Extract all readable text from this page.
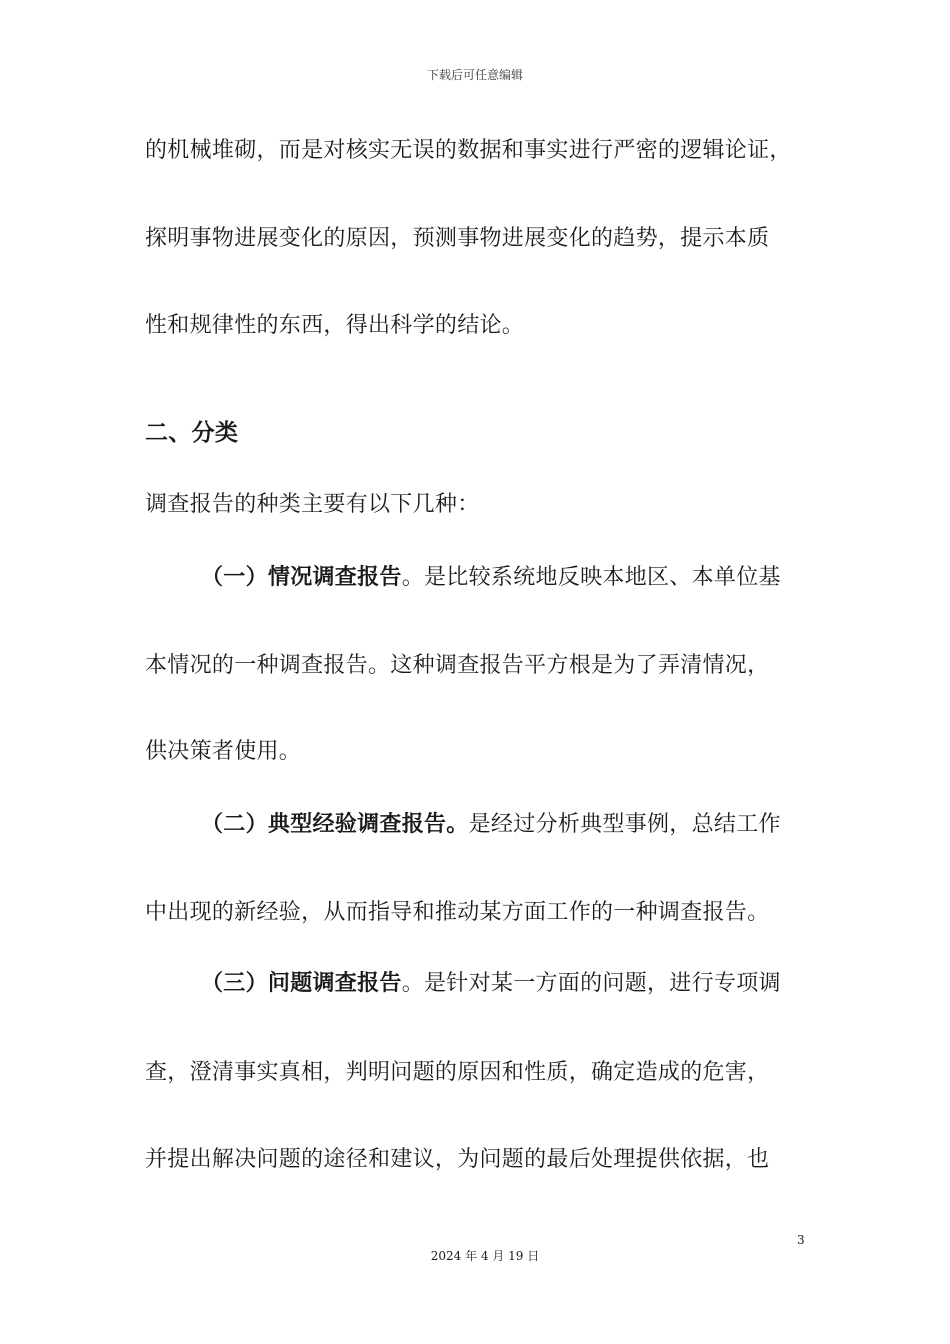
下载后可任意编辑
的机械堆砌，而是对核实无误的数据和事实进行严密的逻辑论证，
探明事物进展变化的原因，预测事物进展变化的趋势，提示本质
性和规律性的东西，得出科学的结论。
二、分类
调查报告的种类主要有以下几种：
（一）情况调查报告。是比较系统地反映本地区、本单位基
本情况的一种调查报告。这种调查报告平方根是为了弄清情况，
供决策者使用。
（二）典型经验调查报告。是经过分析典型事例，总结工作
中出现的新经验，从而指导和推动某方面工作的一种调查报告。
（三）问题调查报告。是针对某一方面的问题，进行专项调
查，澄清事实真相，判明问题的原因和性质，确定造成的危害，
并提出解决问题的途径和建议，为问题的最后处理提供依据，也
3
2024 年 4 月 19 日
